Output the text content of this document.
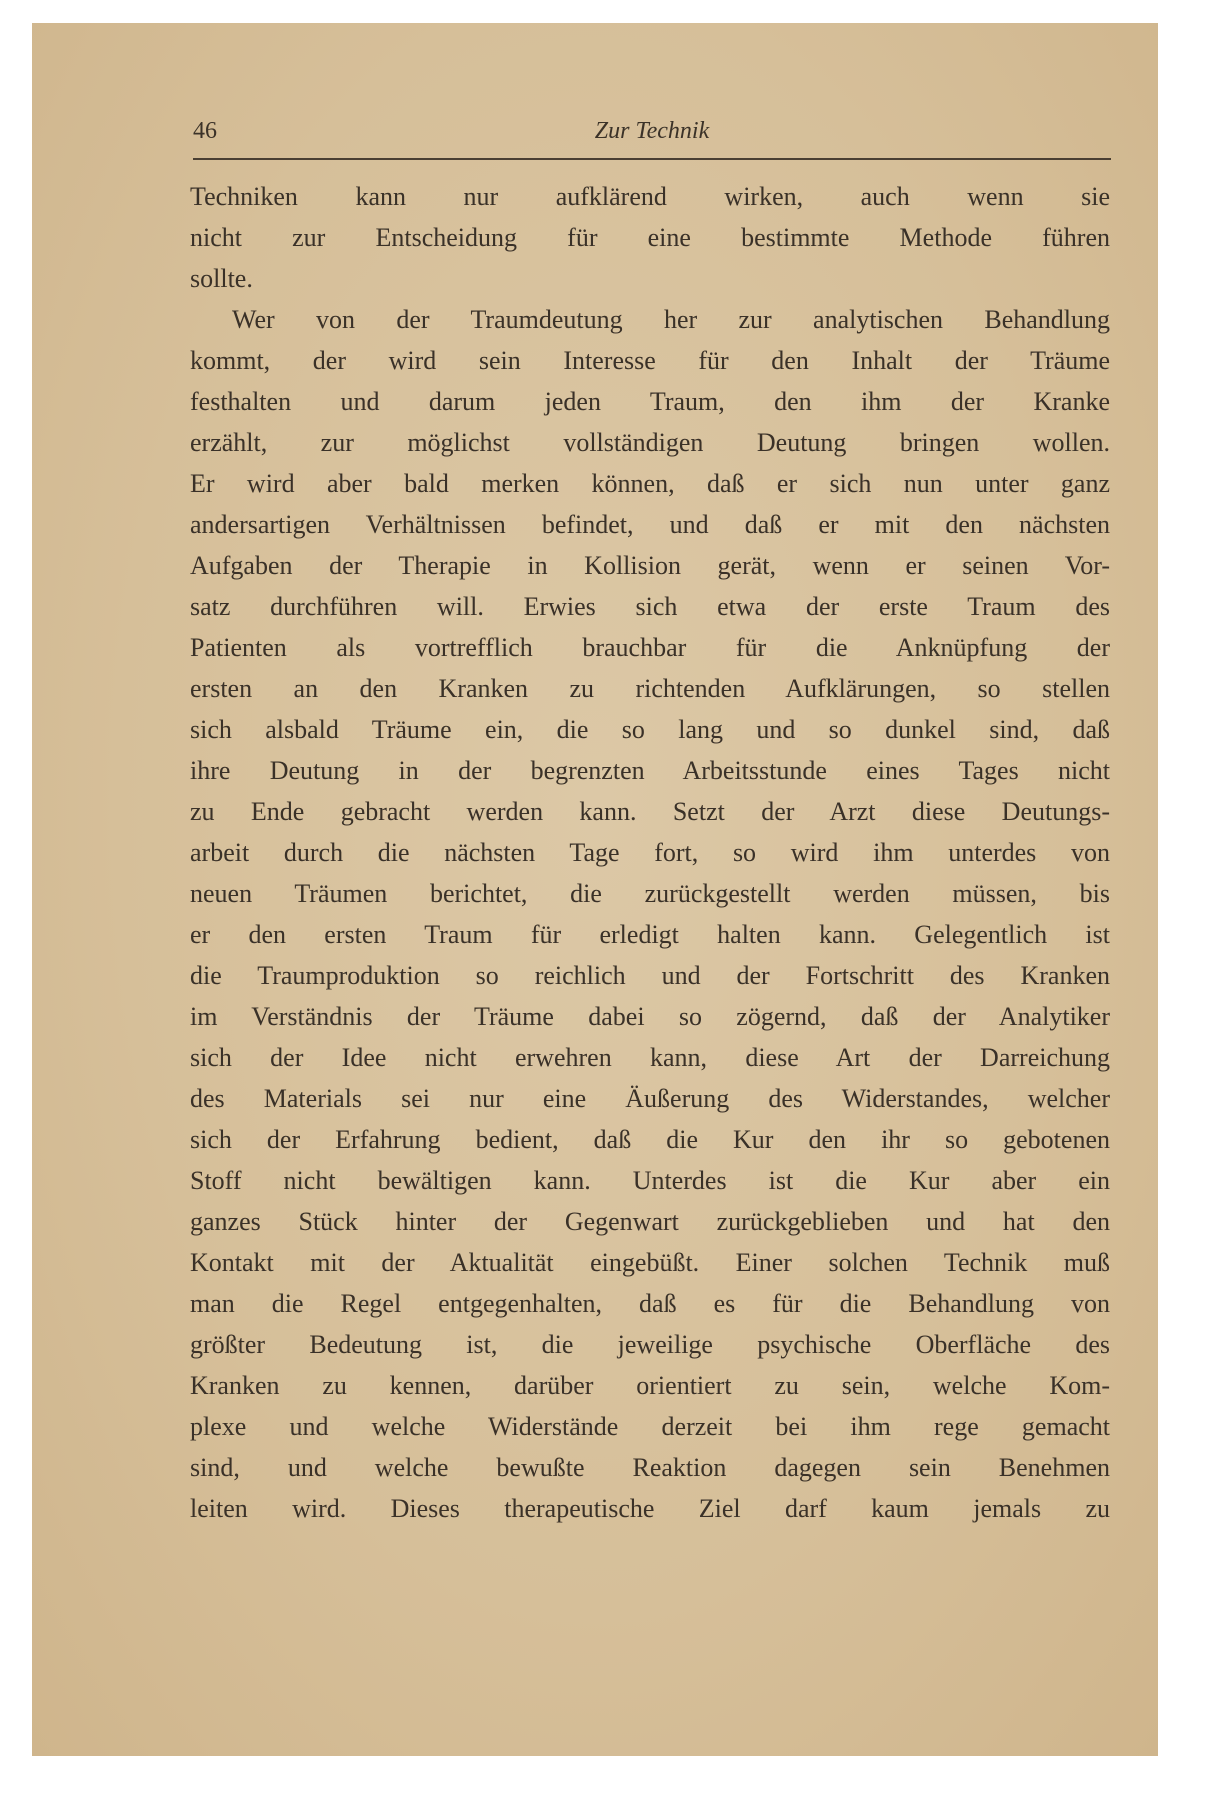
46	Zur Technik
Techniken kann nur aufklärend wirken, auch wenn sie
nicht zur Entscheidung für eine bestimmte Methode führen
sollte.
Wer von der Traumdeutung her zur analytischen Behandlung
kommt, der wird sein Interesse für den Inhalt der Träume
festhalten und darum jeden Traum, den ihm der Kranke
erzählt, zur möglichst vollständigen Deutung bringen wollen.
Er wird aber bald merken können, daß er sich nun unter ganz
andersartigen Verhältnissen befindet, und daß er mit den nächsten
Aufgaben der Therapie in Kollision gerät, wenn er seinen Vor-
satz durchführen will. Erwies sich etwa der erste Traum des
Patienten als vortrefflich brauchbar für die Anknüpfung der
ersten an den Kranken zu richtenden Aufklärungen, so stellen
sich alsbald Träume ein, die so lang und so dunkel sind, daß
ihre Deutung in der begrenzten Arbeitsstunde eines Tages nicht
zu Ende gebracht werden kann. Setzt der Arzt diese Deutungs-
arbeit durch die nächsten Tage fort, so wird ihm unterdes von
neuen Träumen berichtet, die zurückgestellt werden müssen, bis
er den ersten Traum für erledigt halten kann. Gelegentlich ist
die Traumproduktion so reichlich und der Fortschritt des Kranken
im Verständnis der Träume dabei so zögernd, daß der Analytiker
sich der Idee nicht erwehren kann, diese Art der Darreichung
des Materials sei nur eine Äußerung des Widerstandes, welcher
sich der Erfahrung bedient, daß die Kur den ihr so gebotenen
Stoff nicht bewältigen kann. Unterdes ist die Kur aber ein
ganzes Stück hinter der Gegenwart zurückgeblieben und hat den
Kontakt mit der Aktualität eingebüßt. Einer solchen Technik muß
man die Regel entgegenhalten, daß es für die Behandlung von
größter Bedeutung ist, die jeweilige psychische Oberfläche des
Kranken zu kennen, darüber orientiert zu sein, welche Kom-
plexe und welche Widerstände derzeit bei ihm rege gemacht
sind, und welche bewußte Reaktion dagegen sein Benehmen
leiten wird. Dieses therapeutische Ziel darf kaum jemals zu
